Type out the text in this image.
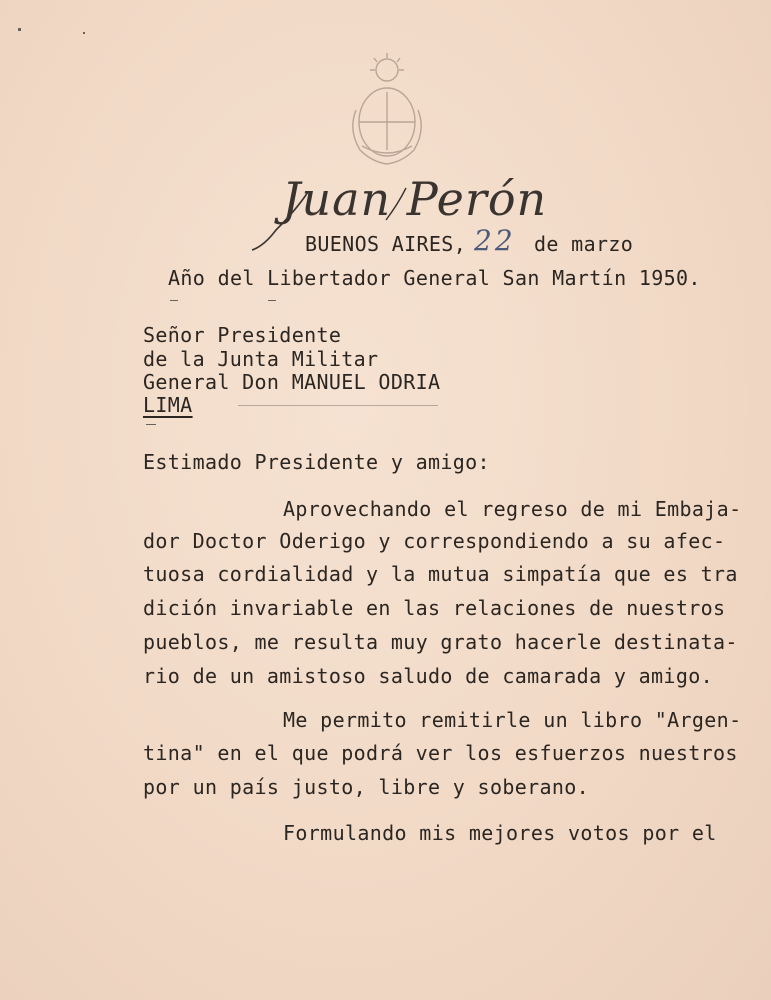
Juan Perón
BUENOS AIRES, 22 de marzo
Año del Libertador General San Martín 1950.
Señor Presidente
de la Junta Militar
General Don MANUEL ODRIA
LIMA
Estimado Presidente y amigo:
Aprovechando el regreso de mi Embaja-
dor Doctor Oderigo y correspondiendo a su afec-
tuosa cordialidad y la mutua simpatía que es tra
dición invariable en las relaciones de nuestros
pueblos, me resulta muy grato hacerle destinata-
rio de un amistoso saludo de camarada y amigo.
Me permito remitirle un libro "Argen-
tina" en el que podrá ver los esfuerzos nuestros
por un país justo, libre y soberano.
Formulando mis mejores votos por el
